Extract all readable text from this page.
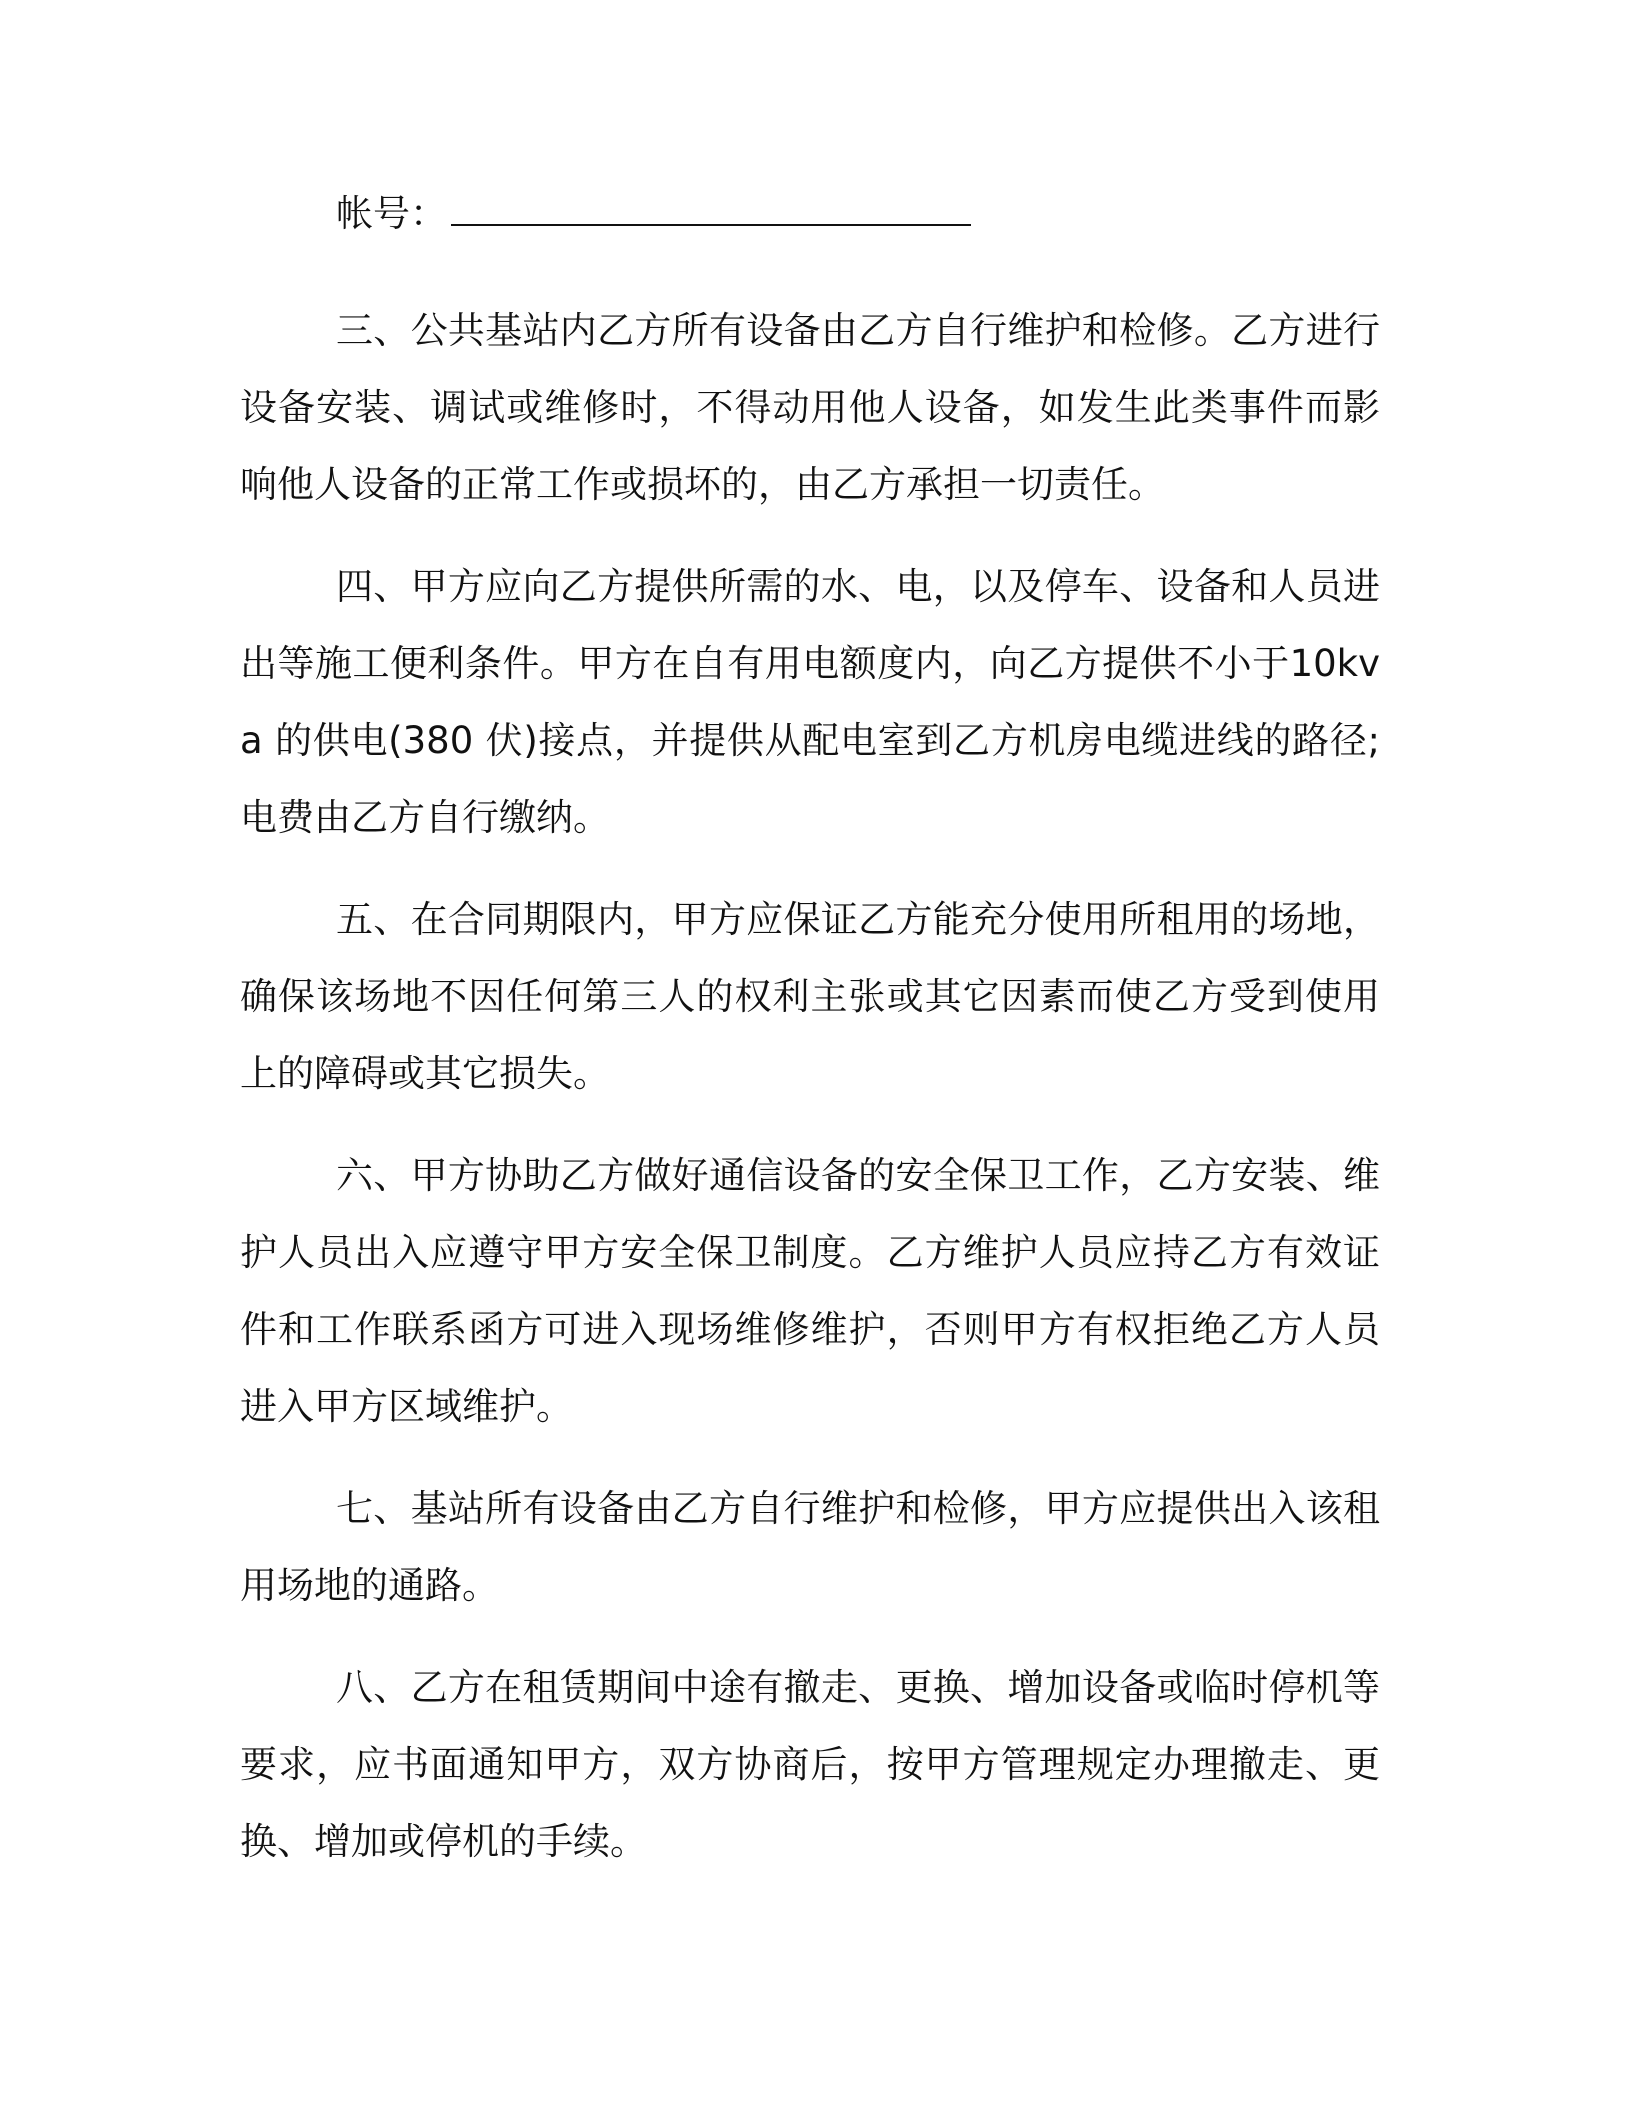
帐号：

三、公共基站内乙方所有设备由乙方自行维护和检修。乙方进行设备安装、调试或维修时，不得动用他人设备，如发生此类事件而影响他人设备的正常工作或损坏的，由乙方承担一切责任。

四、甲方应向乙方提供所需的水、电，以及停车、设备和人员进出等施工便利条件。甲方在自有用电额度内，向乙方提供不小于10kva 的供电(380 伏)接点，并提供从配电室到乙方机房电缆进线的路径;电费由乙方自行缴纳。

五、在合同期限内，甲方应保证乙方能充分使用所租用的场地，确保该场地不因任何第三人的权利主张或其它因素而使乙方受到使用上的障碍或其它损失。

六、甲方协助乙方做好通信设备的安全保卫工作，乙方安装、维护人员出入应遵守甲方安全保卫制度。乙方维护人员应持乙方有效证件和工作联系函方可进入现场维修维护，否则甲方有权拒绝乙方人员进入甲方区域维护。

七、基站所有设备由乙方自行维护和检修，甲方应提供出入该租用场地的通路。

八、乙方在租赁期间中途有撤走、更换、增加设备或临时停机等要求，应书面通知甲方，双方协商后，按甲方管理规定办理撤走、更换、增加或停机的手续。
